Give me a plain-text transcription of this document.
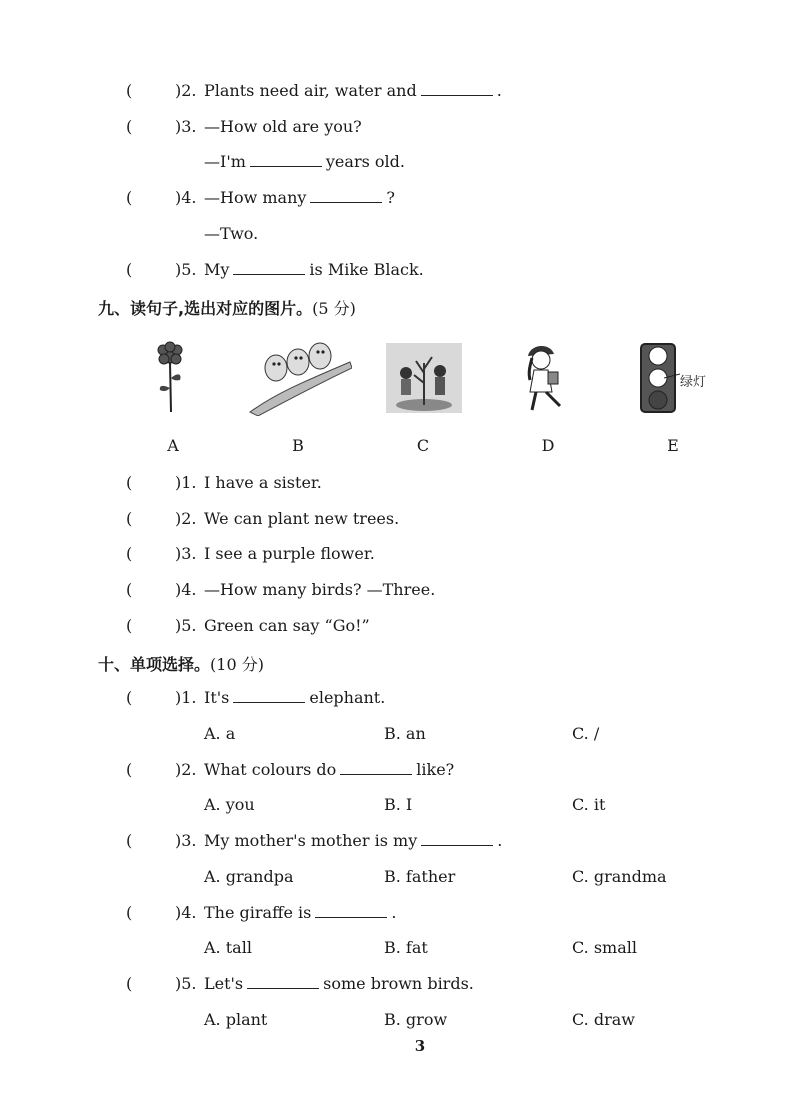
(	)2. Plants need air, water and	.
(	)3. —How old are you?
—I'm	years old.
(	)4. —How many	?
—Two.
(	)5. My	is Mike Black.
九、读句子,选出对应的图片。(5 分)
A	B	C	D
绿灯
E
(	)1. I have a sister.
(	)2. We can plant new trees.
(	)3. I see a purple flower.
(	)4. —How many birds? —Three.
(	)5. Green can say “Go!”
十、单项选择。(10 分)
(	)1. It's	elephant.
A. a	B. an	C. /
(	)2. What colours do	like?
A. you	B. I	C. it
(	)3. My mother's mother is my	.
A. grandpa	B. father	C. grandma
(	)4. The giraffe is	.
A. tall	B. fat	C. small
(	)5. Let's	some brown birds.
A. plant	B. grow	C. draw
3
